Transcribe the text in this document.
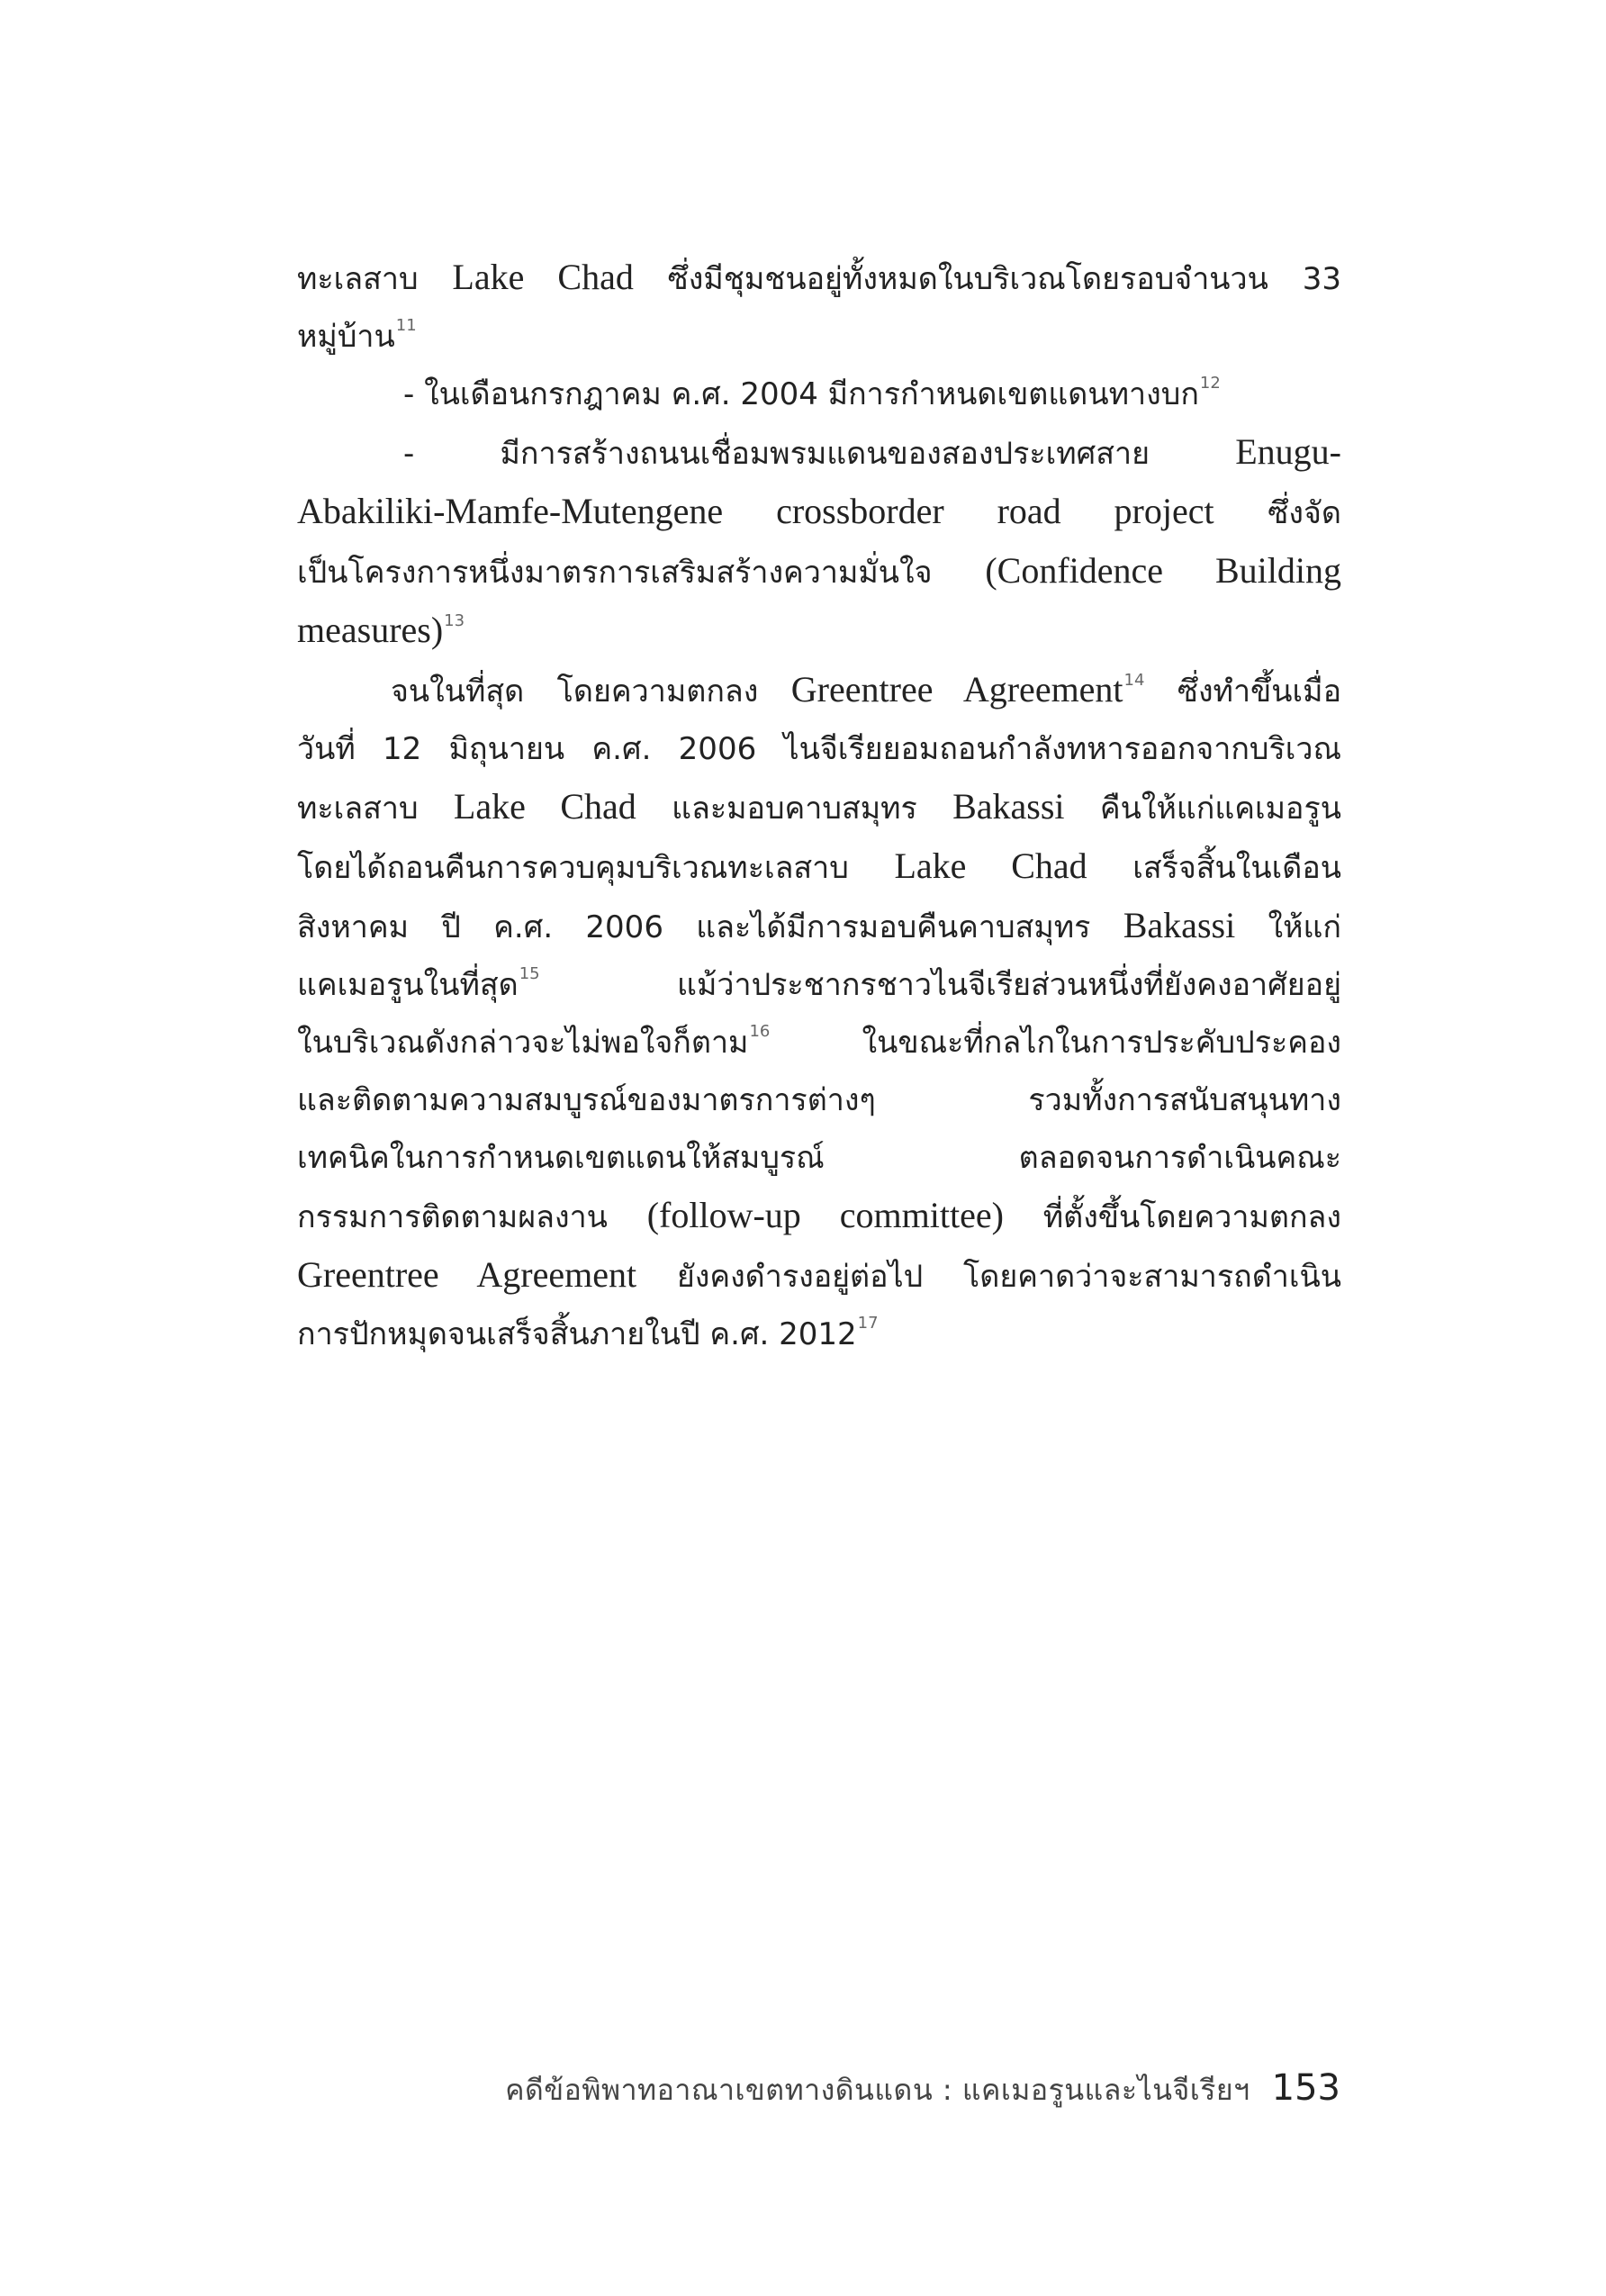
ทะเลสาบ Lake Chad ซึ่งมีชุมชนอยู่ทั้งหมดในบริเวณโดยรอบจำนวน 33
หมู่บ้าน$^{11}$
- ในเดือนกรกฎาคม ค.ศ. 2004 มีการกำหนดเขตแดนทางบก$^{12}$
- มีการสร้างถนนเชื่อมพรมแดนของสองประเทศสาย Enugu-
Abakiliki-Mamfe-Mutengene crossborder road project ซึ่งจัด
เป็นโครงการหนึ่งมาตรการเสริมสร้างความมั่นใจ (Confidence Building
measures)$^{13}$
จนในที่สุด โดยความตกลง Greentree Agreement$^{14}$ ซึ่งทำขึ้นเมื่อ
วันที่ 12 มิถุนายน ค.ศ. 2006 ไนจีเรียยอมถอนกำลังทหารออกจากบริเวณ
ทะเลสาบ Lake Chad และมอบคาบสมุทร Bakassi คืนให้แก่แคเมอรูน
โดยได้ถอนคืนการควบคุมบริเวณทะเลสาบ Lake Chad เสร็จสิ้นในเดือน
สิงหาคม ปี ค.ศ. 2006 และได้มีการมอบคืนคาบสมุทร Bakassi ให้แก่
แคเมอรูนในที่สุด$^{15}$ แม้ว่าประชากรชาวไนจีเรียส่วนหนึ่งที่ยังคงอาศัยอยู่
ในบริเวณดังกล่าวจะไม่พอใจก็ตาม$^{16}$ ในขณะที่กลไกในการประคับประคอง
และติดตามความสมบูรณ์ของมาตรการต่างๆ รวมทั้งการสนับสนุนทาง
เทคนิคในการกำหนดเขตแดนให้สมบูรณ์ ตลอดจนการดำเนินคณะ
กรรมการติดตามผลงาน (follow-up committee) ที่ตั้งขึ้นโดยความตกลง
Greentree Agreement ยังคงดำรงอยู่ต่อไป โดยคาดว่าจะสามารถดำเนิน
การปักหมุดจนเสร็จสิ้นภายในปี ค.ศ. 2012$^{17}$
คดีข้อพิพาทอาณาเขตทางดินแดน : แคเมอรูนและไนจีเรียฯ 153
